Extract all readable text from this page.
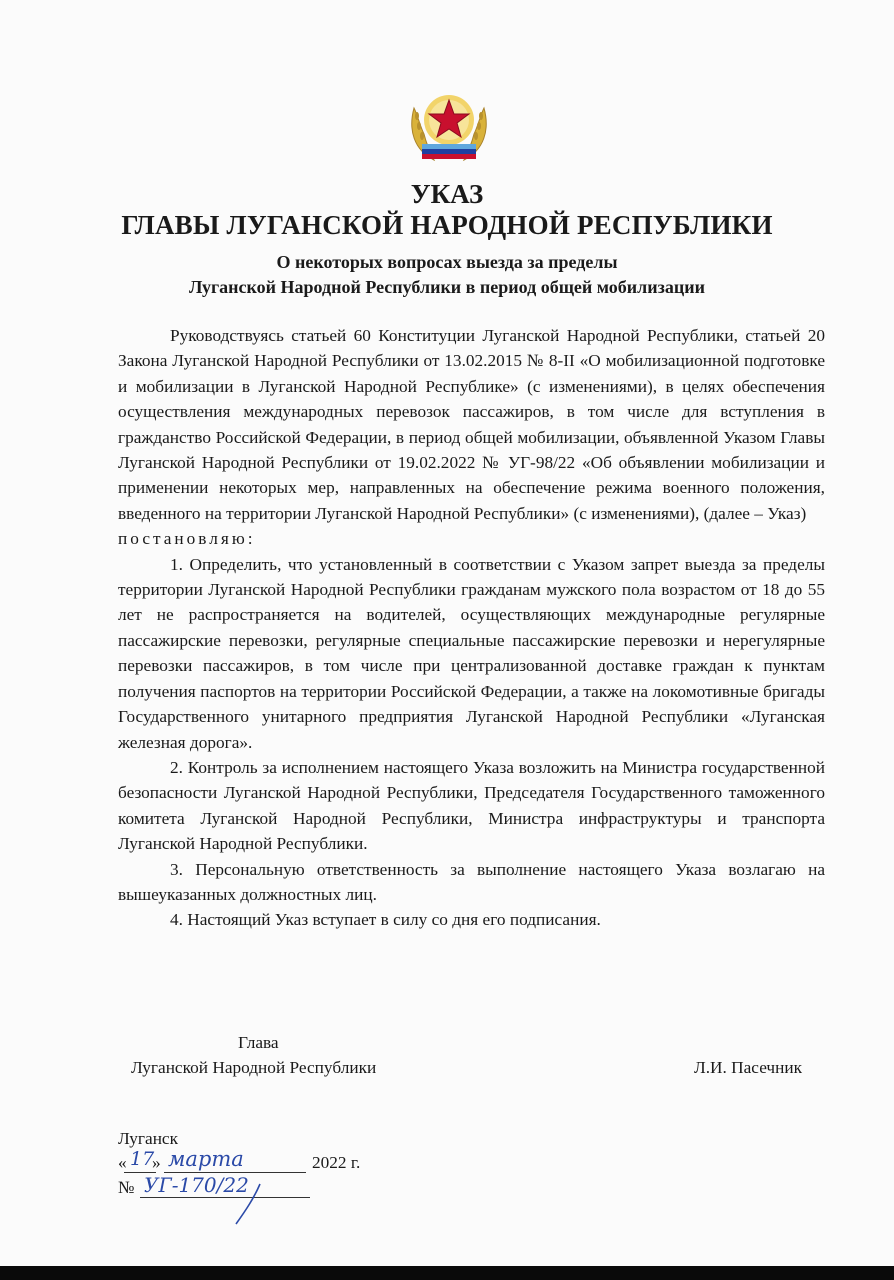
УКАЗ
ГЛАВЫ ЛУГАНСКОЙ НАРОДНОЙ РЕСПУБЛИКИ
О некоторых вопросах выезда за пределы
Луганской Народной Республики в период общей мобилизации

Руководствуясь статьей 60 Конституции Луганской Народной Республики, статьей 20 Закона Луганской Народной Республики от 13.02.2015 № 8-II «О мобилизационной подготовке и мобилизации в Луганской Народной Республике» (с изменениями), в целях обеспечения осуществления международных перевозок пассажиров, в том числе для вступления в гражданство Российской Федерации, в период общей мобилизации, объявленной Указом Главы Луганской Народной Республики от 19.02.2022 № УГ-98/22 «Об объявлении мобилизации и применении некоторых мер, направленных на обеспечение режима военного положения, введенного на территории Луганской Народной Республики» (с изменениями), (далее – Указ)

постановляю:

1. Определить, что установленный в соответствии с Указом запрет выезда за пределы территории Луганской Народной Республики гражданам мужского пола возрастом от 18 до 55 лет не распространяется на водителей, осуществляющих международные регулярные пассажирские перевозки, регулярные специальные пассажирские перевозки и нерегулярные перевозки пассажиров, в том числе при централизованной доставке граждан к пунктам получения паспортов на территории Российской Федерации, а также на локомотивные бригады Государственного унитарного предприятия Луганской Народной Республики «Луганская железная дорога».

2. Контроль за исполнением настоящего Указа возложить на Министра государственной безопасности Луганской Народной Республики, Председателя Государственного таможенного комитета Луганской Народной Республики, Министра инфраструктуры и транспорта Луганской Народной Республики.

3. Персональную ответственность за выполнение настоящего Указа возлагаю на вышеуказанных должностных лиц.

4. Настоящий Указ вступает в силу со дня его подписания.

Глава
Луганской Народной Республики	Л.И. Пасечник
Луганск
« 17
» марта	2022 г.
№ УГ-170/22
